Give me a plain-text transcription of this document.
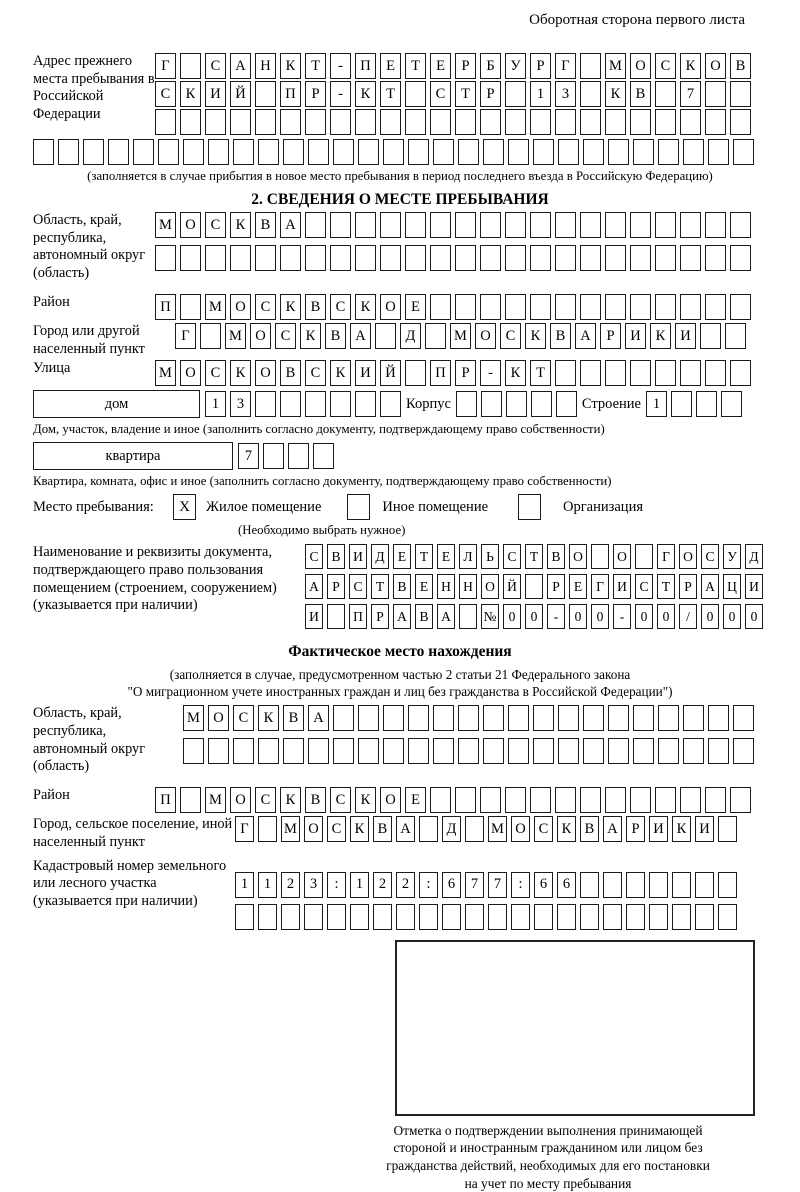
Оборотная сторона первого листа
Адрес прежнего места пребывания в Российской Федерации
Г	С	А	Н	К	Т	-	П	Е	Т	Е	Р	Б	У	Р	Г	М О	С	К	О	В
С	К	И	Й	П	Р	-	К	Т	С	Т	Р	1	3	К	В	7
(заполняется в случае прибытия в новое место пребывания в период последнего въезда в Российскую Федерацию)
2. СВЕДЕНИЯ О МЕСТЕ ПРЕБЫВАНИЯ
Область, край, республика, автономный округ (область)
М О	С	К	В	А
Район	П	М О	С	К	В	С	К	О	Е
Город или другой населенный пункт
Г	М О	С	К	В	А	Д	М О	С	К	В	А	Р	И	К	И
Улица	М О	С	К	О	В	С	К	И	Й	П	Р	-	К	Т
дом	1	3	Корпус	Строение 1
Дом, участок, владение и иное (заполнить согласно документу, подтверждающему право собственности)
квартира	7
Квартира, комната, офис и иное (заполнить согласно документу, подтверждающему право собственности)
Место пребывания:	X Жилое помещение	Иное помещение	Организация
(Необходимо выбрать нужное)
Наименование и реквизиты документа, подтверждающего право пользования помещением (строением, сооружением) (указывается при наличии)
С В И Д Е	Т	Е Л	Ь	С Т В О	О	Г О С У Д
А Р	С Т В Е Н Н О Й	Р	Е	Г И С Т	Р А Ц И
И	П Р А В А	№ 0	0	-	0	0	-	0	0	/	0	0	0
Фактическое место нахождения
(заполняется в случае, предусмотренном частью 2 статьи 21 Федерального закона
"О миграционном учете иностранных граждан и лиц без гражданства в Российской Федерации")
Область, край, республика, автономный округ (область)
М О	С	К	В	А
Район	П	М О	С	К	В	С	К	О	Е
Город, сельское поселение, иной населенный пункт
Г	М О С К В А	Д	М О С К В А Р И К И
Кадастровый номер земельного или лесного участка (указывается при наличии)
1	1	2	3	:	1	2	2	:	6	7	7	:	6	6
Отметка о подтверждении выполнения принимающей
стороной и иностранным гражданином или лицом без
гражданства действий, необходимых для его постановки
на учет по месту пребывания
